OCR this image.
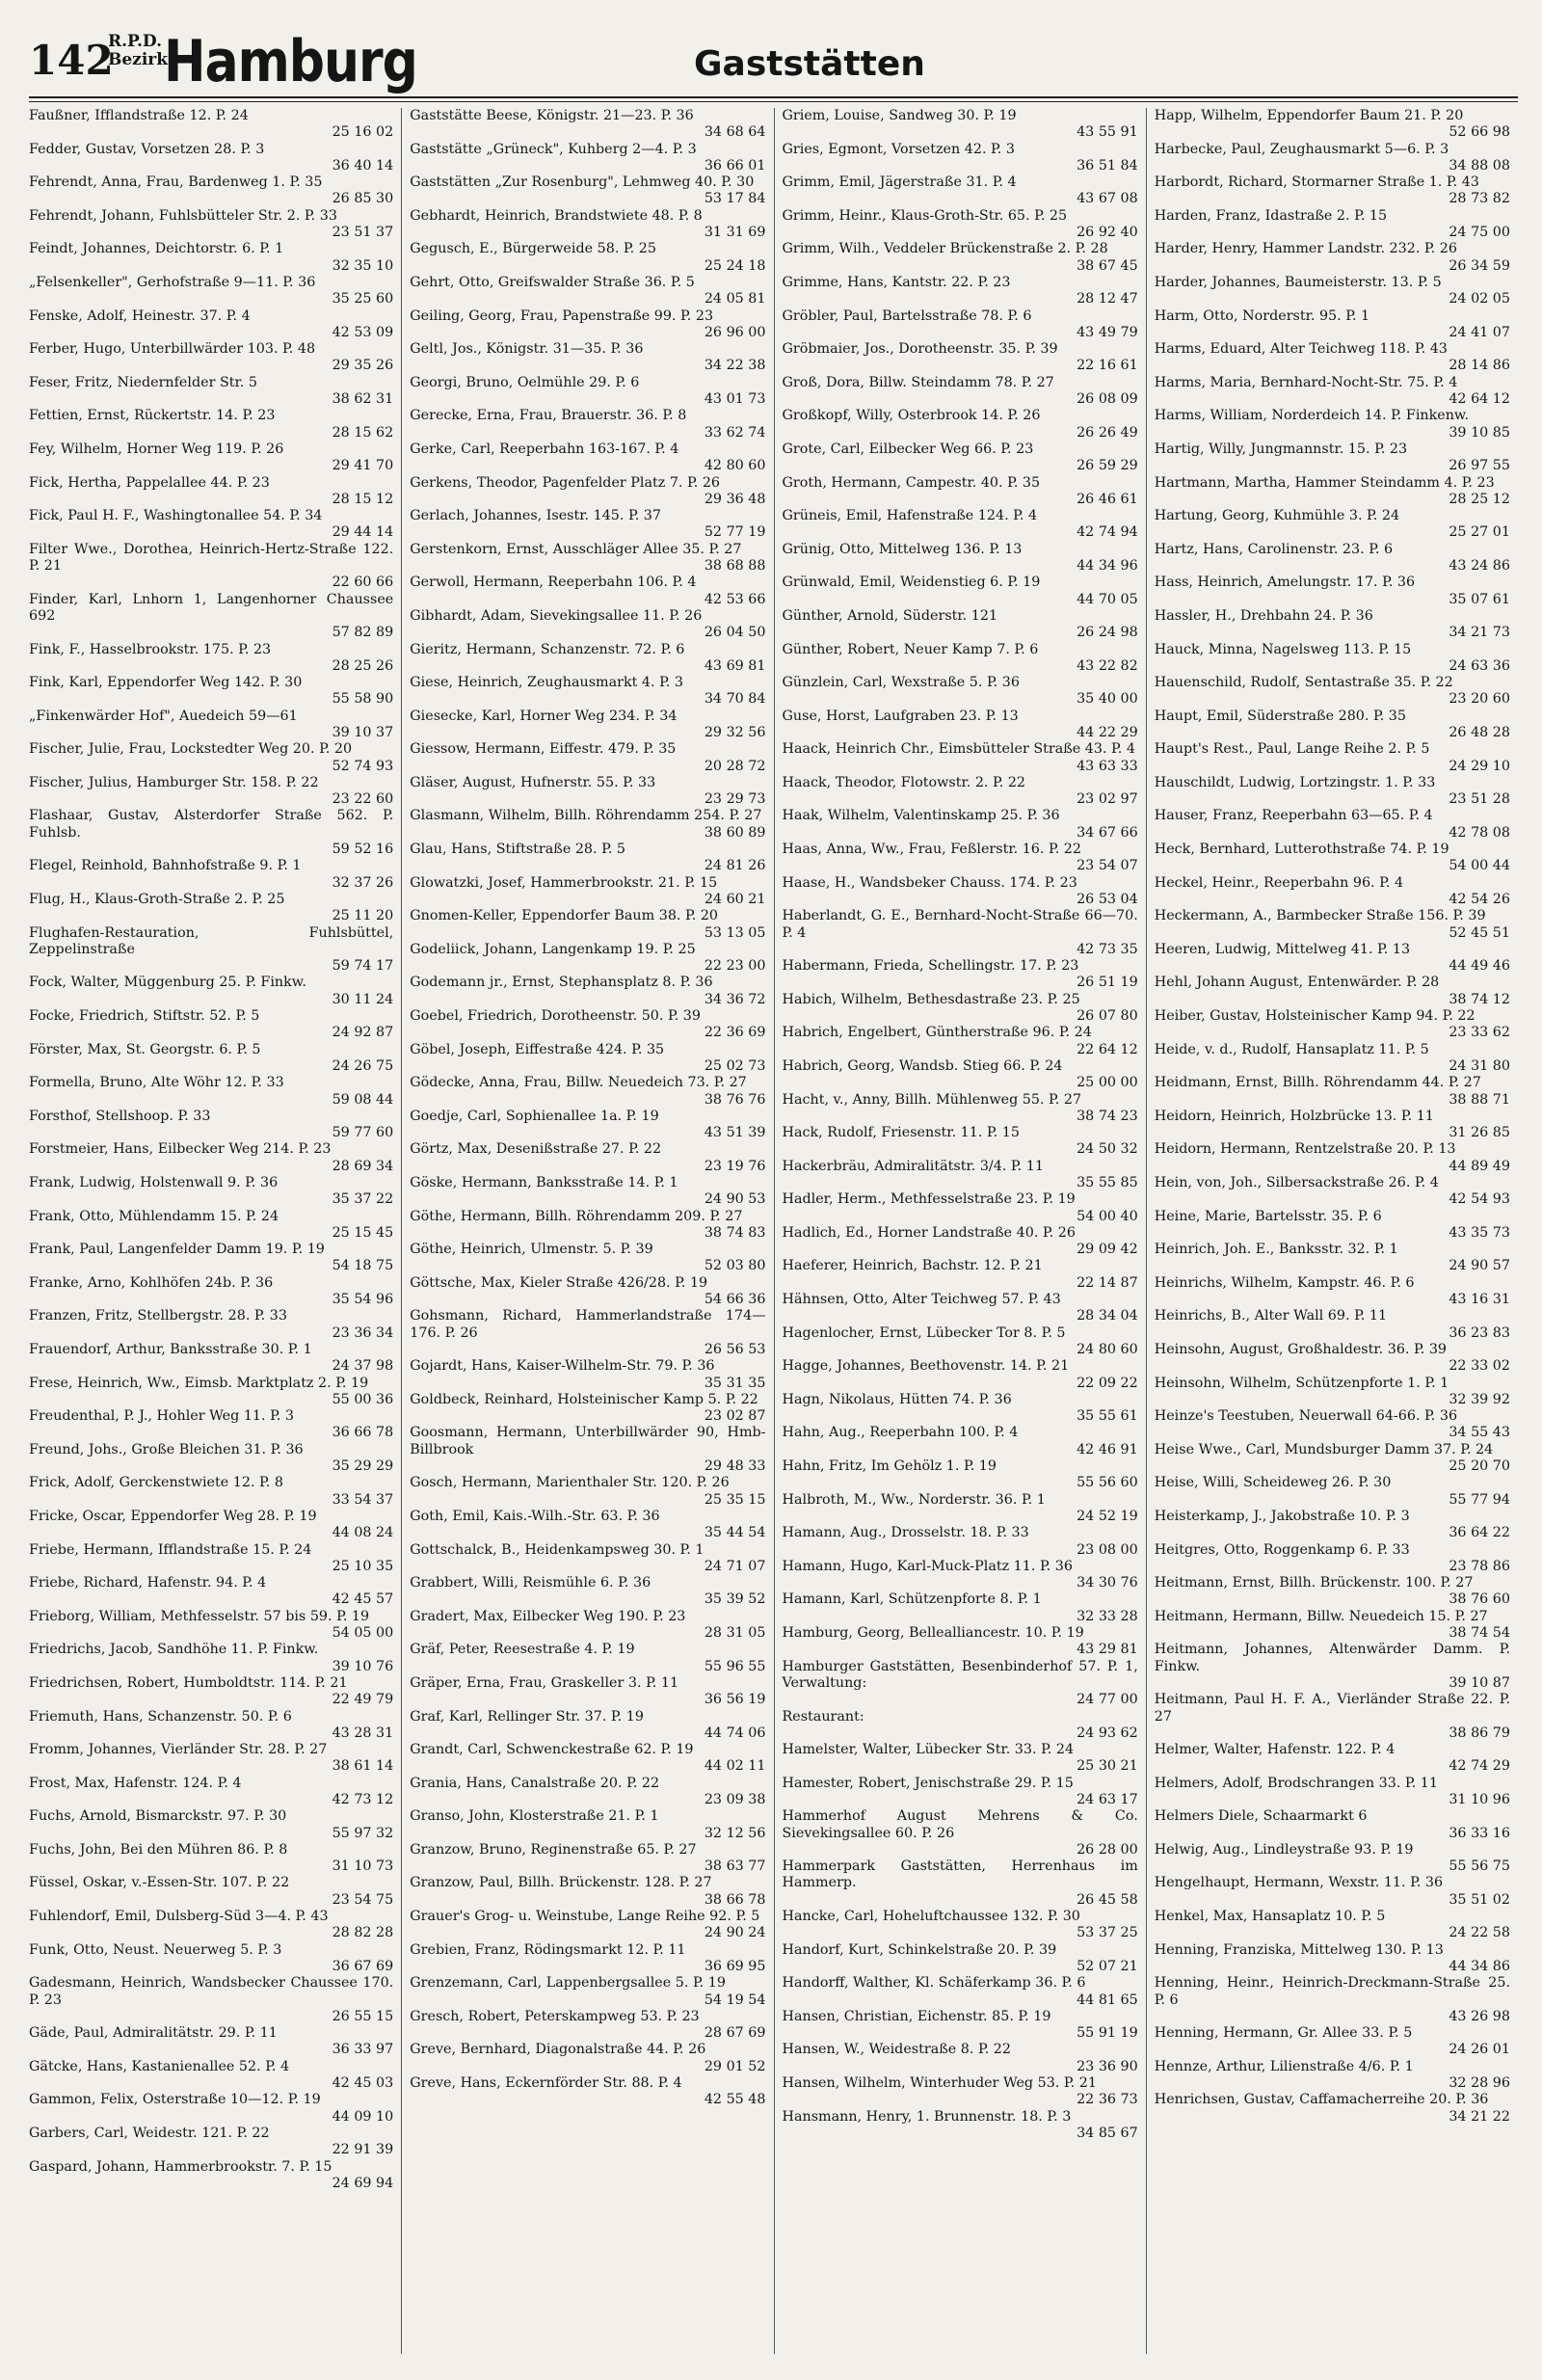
142
R.P.D.
Bezirk
Hamburg	Gaststätten
Faußner, Ifflandstraße 12. P. 24
25 16 02
Fedder, Gustav, Vorsetzen 28. P. 3
36 40 14
Fehrendt, Anna, Frau, Bardenweg 1. P. 35
26 85 30
Fehrendt, Johann, Fuhlsbütteler Str. 2. P. 33
23 51 37
Feindt, Johannes, Deichtorstr. 6. P. 1
32 35 10
„Felsenkeller", Gerhofstraße 9—11. P. 36
35 25 60
Fenske, Adolf, Heinestr. 37. P. 4
42 53 09
Ferber, Hugo, Unterbillwärder 103. P. 48
29 35 26
Feser, Fritz, Niedernfelder Str. 5
38 62 31
Fettien, Ernst, Rückertstr. 14. P. 23
28 15 62
Fey, Wilhelm, Horner Weg 119. P. 26
29 41 70
Fick, Hertha, Pappelallee 44. P. 23
28 15 12
Fick, Paul H. F., Washingtonallee 54. P. 34
29 44 14
Filter Wwe., Dorothea, Heinrich-Hertz-Straße 122. P. 21
22 60 66
Finder, Karl, Lnhorn 1, Langenhorner Chaussee 692
57 82 89
Fink, F., Hasselbrookstr. 175. P. 23
28 25 26
Fink, Karl, Eppendorfer Weg 142. P. 30
55 58 90
„Finkenwärder Hof", Auedeich 59—61
39 10 37
Fischer, Julie, Frau, Lockstedter Weg 20. P. 20
52 74 93
Fischer, Julius, Hamburger Str. 158. P. 22
23 22 60
Flashaar, Gustav, Alsterdorfer Straße 562. P. Fuhlsb.
59 52 16
Flegel, Reinhold, Bahnhofstraße 9. P. 1
32 37 26
Flug, H., Klaus-Groth-Straße 2. P. 25
25 11 20
Flughafen-Restauration, Fuhlsbüttel, Zeppelinstraße
59 74 17
Fock, Walter, Müggenburg 25. P. Finkw.
30 11 24
Focke, Friedrich, Stiftstr. 52. P. 5
24 92 87
Förster, Max, St. Georgstr. 6. P. 5
24 26 75
Formella, Bruno, Alte Wöhr 12. P. 33
59 08 44
Forsthof, Stellshoop. P. 33
59 77 60
Forstmeier, Hans, Eilbecker Weg 214. P. 23
28 69 34
Frank, Ludwig, Holstenwall 9. P. 36
35 37 22
Frank, Otto, Mühlendamm 15. P. 24
25 15 45
Frank, Paul, Langenfelder Damm 19. P. 19
54 18 75
Franke, Arno, Kohlhöfen 24b. P. 36
35 54 96
Franzen, Fritz, Stellbergstr. 28. P. 33
23 36 34
Frauendorf, Arthur, Banksstraße 30. P. 1
24 37 98
Frese, Heinrich, Ww., Eimsb. Marktplatz 2. P. 19
55 00 36
Freudenthal, P. J., Hohler Weg 11. P. 3
36 66 78
Freund, Johs., Große Bleichen 31. P. 36
35 29 29
Frick, Adolf, Gerckenstwiete 12. P. 8
33 54 37
Fricke, Oscar, Eppendorfer Weg 28. P. 19
44 08 24
Friebe, Hermann, Ifflandstraße 15. P. 24
25 10 35
Friebe, Richard, Hafenstr. 94. P. 4
42 45 57
Frieborg, William, Methfesselstr. 57 bis 59. P. 19
54 05 00
Friedrichs, Jacob, Sandhöhe 11. P. Finkw.
39 10 76
Friedrichsen, Robert, Humboldtstr. 114. P. 21
22 49 79
Friemuth, Hans, Schanzenstr. 50. P. 6
43 28 31
Fromm, Johannes, Vierländer Str. 28. P. 27
38 61 14
Frost, Max, Hafenstr. 124. P. 4
42 73 12
Fuchs, Arnold, Bismarckstr. 97. P. 30
55 97 32
Fuchs, John, Bei den Mühren 86. P. 8
31 10 73
Füssel, Oskar, v.-Essen-Str. 107. P. 22
23 54 75
Fuhlendorf, Emil, Dulsberg-Süd 3—4. P. 43
28 82 28
Funk, Otto, Neust. Neuerweg 5. P. 3
36 67 69
Gadesmann, Heinrich, Wandsbecker Chaussee 170. P. 23
26 55 15
Gäde, Paul, Admiralitätstr. 29. P. 11
36 33 97
Gätcke, Hans, Kastanienallee 52. P. 4
42 45 03
Gammon, Felix, Osterstraße 10—12. P. 19
44 09 10
Garbers, Carl, Weidestr. 121. P. 22
22 91 39
Gaspard, Johann, Hammerbrookstr. 7. P. 15
24 69 94
Gaststätte Beese, Königstr. 21—23. P. 36
34 68 64
Gaststätte „Grüneck", Kuhberg 2—4. P. 3
36 66 01
Gaststätten „Zur Rosenburg", Lehmweg 40. P. 30
53 17 84
Gebhardt, Heinrich, Brandstwiete 48. P. 8
31 31 69
Gegusch, E., Bürgerweide 58. P. 25
25 24 18
Gehrt, Otto, Greifswalder Straße 36. P. 5
24 05 81
Geiling, Georg, Frau, Papenstraße 99. P. 23
26 96 00
Geltl, Jos., Königstr. 31—35. P. 36
34 22 38
Georgi, Bruno, Oelmühle 29. P. 6
43 01 73
Gerecke, Erna, Frau, Brauerstr. 36. P. 8
33 62 74
Gerke, Carl, Reeperbahn 163-167. P. 4
42 80 60
Gerkens, Theodor, Pagenfelder Platz 7. P. 26
29 36 48
Gerlach, Johannes, Isestr. 145. P. 37
52 77 19
Gerstenkorn, Ernst, Ausschläger Allee 35. P. 27
38 68 88
Gerwoll, Hermann, Reeperbahn 106. P. 4
42 53 66
Gibhardt, Adam, Sievekingsallee 11. P. 26
26 04 50
Gieritz, Hermann, Schanzenstr. 72. P. 6
43 69 81
Giese, Heinrich, Zeughausmarkt 4. P. 3
34 70 84
Giesecke, Karl, Horner Weg 234. P. 34
29 32 56
Giessow, Hermann, Eiffestr. 479. P. 35
20 28 72
Gläser, August, Hufnerstr. 55. P. 33
23 29 73
Glasmann, Wilhelm, Billh. Röhrendamm 254. P. 27
38 60 89
Glau, Hans, Stiftstraße 28. P. 5
24 81 26
Glowatzki, Josef, Hammerbrookstr. 21. P. 15
24 60 21
Gnomen-Keller, Eppendorfer Baum 38. P. 20
53 13 05
Godeliick, Johann, Langenkamp 19. P. 25
22 23 00
Godemann jr., Ernst, Stephansplatz 8. P. 36
34 36 72
Goebel, Friedrich, Dorotheenstr. 50. P. 39
22 36 69
Göbel, Joseph, Eiffestraße 424. P. 35
25 02 73
Gödecke, Anna, Frau, Billw. Neuedeich 73. P. 27
38 76 76
Goedje, Carl, Sophienallee 1a. P. 19
43 51 39
Görtz, Max, Desenißstraße 27. P. 22
23 19 76
Göske, Hermann, Banksstraße 14. P. 1
24 90 53
Göthe, Hermann, Billh. Röhrendamm 209. P. 27
38 74 83
Göthe, Heinrich, Ulmenstr. 5. P. 39
52 03 80
Göttsche, Max, Kieler Straße 426/28. P. 19
54 66 36
Gohsmann, Richard, Hammerlandstraße 174—176. P. 26
26 56 53
Gojardt, Hans, Kaiser-Wilhelm-Str. 79. P. 36
35 31 35
Goldbeck, Reinhard, Holsteinischer Kamp 5. P. 22
23 02 87
Goosmann, Hermann, Unterbillwärder 90, Hmb-Billbrook
29 48 33
Gosch, Hermann, Marienthaler Str. 120. P. 26
25 35 15
Goth, Emil, Kais.-Wilh.-Str. 63. P. 36
35 44 54
Gottschalck, B., Heidenkampsweg 30. P. 1
24 71 07
Grabbert, Willi, Reismühle 6. P. 36
35 39 52
Gradert, Max, Eilbecker Weg 190. P. 23
28 31 05
Gräf, Peter, Reesestraße 4. P. 19
55 96 55
Gräper, Erna, Frau, Graskeller 3. P. 11
36 56 19
Graf, Karl, Rellinger Str. 37. P. 19
44 74 06
Grandt, Carl, Schwenckestraße 62. P. 19
44 02 11
Grania, Hans, Canalstraße 20. P. 22
23 09 38
Granso, John, Klosterstraße 21. P. 1
32 12 56
Granzow, Bruno, Reginenstraße 65. P. 27
38 63 77
Granzow, Paul, Billh. Brückenstr. 128. P. 27
38 66 78
Grauer's Grog- u. Weinstube, Lange Reihe 92. P. 5
24 90 24
Grebien, Franz, Rödingsmarkt 12. P. 11
36 69 95
Grenzemann, Carl, Lappenbergsallee 5. P. 19
54 19 54
Gresch, Robert, Peterskampweg 53. P. 23
28 67 69
Greve, Bernhard, Diagonalstraße 44. P. 26
29 01 52
Greve, Hans, Eckernförder Str. 88. P. 4
42 55 48
Griem, Louise, Sandweg 30. P. 19
43 55 91
Gries, Egmont, Vorsetzen 42. P. 3
36 51 84
Grimm, Emil, Jägerstraße 31. P. 4
43 67 08
Grimm, Heinr., Klaus-Groth-Str. 65. P. 25
26 92 40
Grimm, Wilh., Veddeler Brückenstraße 2. P. 28
38 67 45
Grimme, Hans, Kantstr. 22. P. 23
28 12 47
Gröbler, Paul, Bartelsstraße 78. P. 6
43 49 79
Gröbmaier, Jos., Dorotheenstr. 35. P. 39
22 16 61
Groß, Dora, Billw. Steindamm 78. P. 27
26 08 09
Großkopf, Willy, Osterbrook 14. P. 26
26 26 49
Grote, Carl, Eilbecker Weg 66. P. 23
26 59 29
Groth, Hermann, Campestr. 40. P. 35
26 46 61
Grüneis, Emil, Hafenstraße 124. P. 4
42 74 94
Grünig, Otto, Mittelweg 136. P. 13
44 34 96
Grünwald, Emil, Weidenstieg 6. P. 19
44 70 05
Günther, Arnold, Süderstr. 121
26 24 98
Günther, Robert, Neuer Kamp 7. P. 6
43 22 82
Günzlein, Carl, Wexstraße 5. P. 36
35 40 00
Guse, Horst, Laufgraben 23. P. 13
44 22 29
Haack, Heinrich Chr., Eimsbütteler Straße 43. P. 4
43 63 33
Haack, Theodor, Flotowstr. 2. P. 22
23 02 97
Haak, Wilhelm, Valentinskamp 25. P. 36
34 67 66
Haas, Anna, Ww., Frau, Feßlerstr. 16. P. 22
23 54 07
Haase, H., Wandsbeker Chauss. 174. P. 23
26 53 04
Haberlandt, G. E., Bernhard-Nocht-Straße 66—70. P. 4
42 73 35
Habermann, Frieda, Schellingstr. 17. P. 23
26 51 19
Habich, Wilhelm, Bethesdastraße 23. P. 25
26 07 80
Habrich, Engelbert, Güntherstraße 96. P. 24
22 64 12
Habrich, Georg, Wandsb. Stieg 66. P. 24
25 00 00
Hacht, v., Anny, Billh. Mühlenweg 55. P. 27
38 74 23
Hack, Rudolf, Friesenstr. 11. P. 15
24 50 32
Hackerbräu, Admiralitätstr. 3/4. P. 11
35 55 85
Hadler, Herm., Methfesselstraße 23. P. 19
54 00 40
Hadlich, Ed., Horner Landstraße 40. P. 26
29 09 42
Haeferer, Heinrich, Bachstr. 12. P. 21
22 14 87
Hähnsen, Otto, Alter Teichweg 57. P. 43
28 34 04
Hagenlocher, Ernst, Lübecker Tor 8. P. 5
24 80 60
Hagge, Johannes, Beethovenstr. 14. P. 21
22 09 22
Hagn, Nikolaus, Hütten 74. P. 36
35 55 61
Hahn, Aug., Reeperbahn 100. P. 4
42 46 91
Hahn, Fritz, Im Gehölz 1. P. 19
55 56 60
Halbroth, M., Ww., Norderstr. 36. P. 1
24 52 19
Hamann, Aug., Drosselstr. 18. P. 33
23 08 00
Hamann, Hugo, Karl-Muck-Platz 11. P. 36
34 30 76
Hamann, Karl, Schützenpforte 8. P. 1
32 33 28
Hamburg, Georg, Bellealliancestr. 10. P. 19
43 29 81
Hamburger Gaststätten, Besenbinderhof 57. P. 1, Verwaltung:
24 77 00
Restaurant:
24 93 62
Hamelster, Walter, Lübecker Str. 33. P. 24
25 30 21
Hamester, Robert, Jenischstraße 29. P. 15
24 63 17
Hammerhof August Mehrens & Co. Sievekingsallee 60. P. 26
26 28 00
Hammerpark Gaststätten, Herrenhaus im Hammerp.
26 45 58
Hancke, Carl, Hoheluftchaussee 132. P. 30
53 37 25
Handorf, Kurt, Schinkelstraße 20. P. 39
52 07 21
Handorff, Walther, Kl. Schäferkamp 36. P. 6
44 81 65
Hansen, Christian, Eichenstr. 85. P. 19
55 91 19
Hansen, W., Weidestraße 8. P. 22
23 36 90
Hansen, Wilhelm, Winterhuder Weg 53. P. 21
22 36 73
Hansmann, Henry, 1. Brunnenstr. 18. P. 3
34 85 67
Happ, Wilhelm, Eppendorfer Baum 21. P. 20
52 66 98
Harbecke, Paul, Zeughausmarkt 5—6. P. 3
34 88 08
Harbordt, Richard, Stormarner Straße 1. P. 43
28 73 82
Harden, Franz, Idastraße 2. P. 15
24 75 00
Harder, Henry, Hammer Landstr. 232. P. 26
26 34 59
Harder, Johannes, Baumeisterstr. 13. P. 5
24 02 05
Harm, Otto, Norderstr. 95. P. 1
24 41 07
Harms, Eduard, Alter Teichweg 118. P. 43
28 14 86
Harms, Maria, Bernhard-Nocht-Str. 75. P. 4
42 64 12
Harms, William, Norderdeich 14. P. Finkenw.
39 10 85
Hartig, Willy, Jungmannstr. 15. P. 23
26 97 55
Hartmann, Martha, Hammer Steindamm 4. P. 23
28 25 12
Hartung, Georg, Kuhmühle 3. P. 24
25 27 01
Hartz, Hans, Carolinenstr. 23. P. 6
43 24 86
Hass, Heinrich, Amelungstr. 17. P. 36
35 07 61
Hassler, H., Drehbahn 24. P. 36
34 21 73
Hauck, Minna, Nagelsweg 113. P. 15
24 63 36
Hauenschild, Rudolf, Sentastraße 35. P. 22
23 20 60
Haupt, Emil, Süderstraße 280. P. 35
26 48 28
Haupt's Rest., Paul, Lange Reihe 2. P. 5
24 29 10
Hauschildt, Ludwig, Lortzingstr. 1. P. 33
23 51 28
Hauser, Franz, Reeperbahn 63—65. P. 4
42 78 08
Heck, Bernhard, Lutterothstraße 74. P. 19
54 00 44
Heckel, Heinr., Reeperbahn 96. P. 4
42 54 26
Heckermann, A., Barmbecker Straße 156. P. 39
52 45 51
Heeren, Ludwig, Mittelweg 41. P. 13
44 49 46
Hehl, Johann August, Entenwärder. P. 28
38 74 12
Heiber, Gustav, Holsteinischer Kamp 94. P. 22
23 33 62
Heide, v. d., Rudolf, Hansaplatz 11. P. 5
24 31 80
Heidmann, Ernst, Billh. Röhrendamm 44. P. 27
38 88 71
Heidorn, Heinrich, Holzbrücke 13. P. 11
31 26 85
Heidorn, Hermann, Rentzelstraße 20. P. 13
44 89 49
Hein, von, Joh., Silbersackstraße 26. P. 4
42 54 93
Heine, Marie, Bartelsstr. 35. P. 6
43 35 73
Heinrich, Joh. E., Banksstr. 32. P. 1
24 90 57
Heinrichs, Wilhelm, Kampstr. 46. P. 6
43 16 31
Heinrichs, B., Alter Wall 69. P. 11
36 23 83
Heinsohn, August, Großhaldestr. 36. P. 39
22 33 02
Heinsohn, Wilhelm, Schützenpforte 1. P. 1
32 39 92
Heinze's Teestuben, Neuerwall 64-66. P. 36
34 55 43
Heise Wwe., Carl, Mundsburger Damm 37. P. 24
25 20 70
Heise, Willi, Scheideweg 26. P. 30
55 77 94
Heisterkamp, J., Jakobstraße 10. P. 3
36 64 22
Heitgres, Otto, Roggenkamp 6. P. 33
23 78 86
Heitmann, Ernst, Billh. Brückenstr. 100. P. 27
38 76 60
Heitmann, Hermann, Billw. Neuedeich 15. P. 27
38 74 54
Heitmann, Johannes, Altenwärder Damm. P. Finkw.
39 10 87
Heitmann, Paul H. F. A., Vierländer Straße 22. P. 27
38 86 79
Helmer, Walter, Hafenstr. 122. P. 4
42 74 29
Helmers, Adolf, Brodschrangen 33. P. 11
31 10 96
Helmers Diele, Schaarmarkt 6
36 33 16
Helwig, Aug., Lindleystraße 93. P. 19
55 56 75
Hengelhaupt, Hermann, Wexstr. 11. P. 36
35 51 02
Henkel, Max, Hansaplatz 10. P. 5
24 22 58
Henning, Franziska, Mittelweg 130. P. 13
44 34 86
Henning, Heinr., Heinrich-Dreckmann-Straße 25. P. 6
43 26 98
Henning, Hermann, Gr. Allee 33. P. 5
24 26 01
Hennze, Arthur, Lilienstraße 4/6. P. 1
32 28 96
Henrichsen, Gustav, Caffamacherreihe 20. P. 36
34 21 22
